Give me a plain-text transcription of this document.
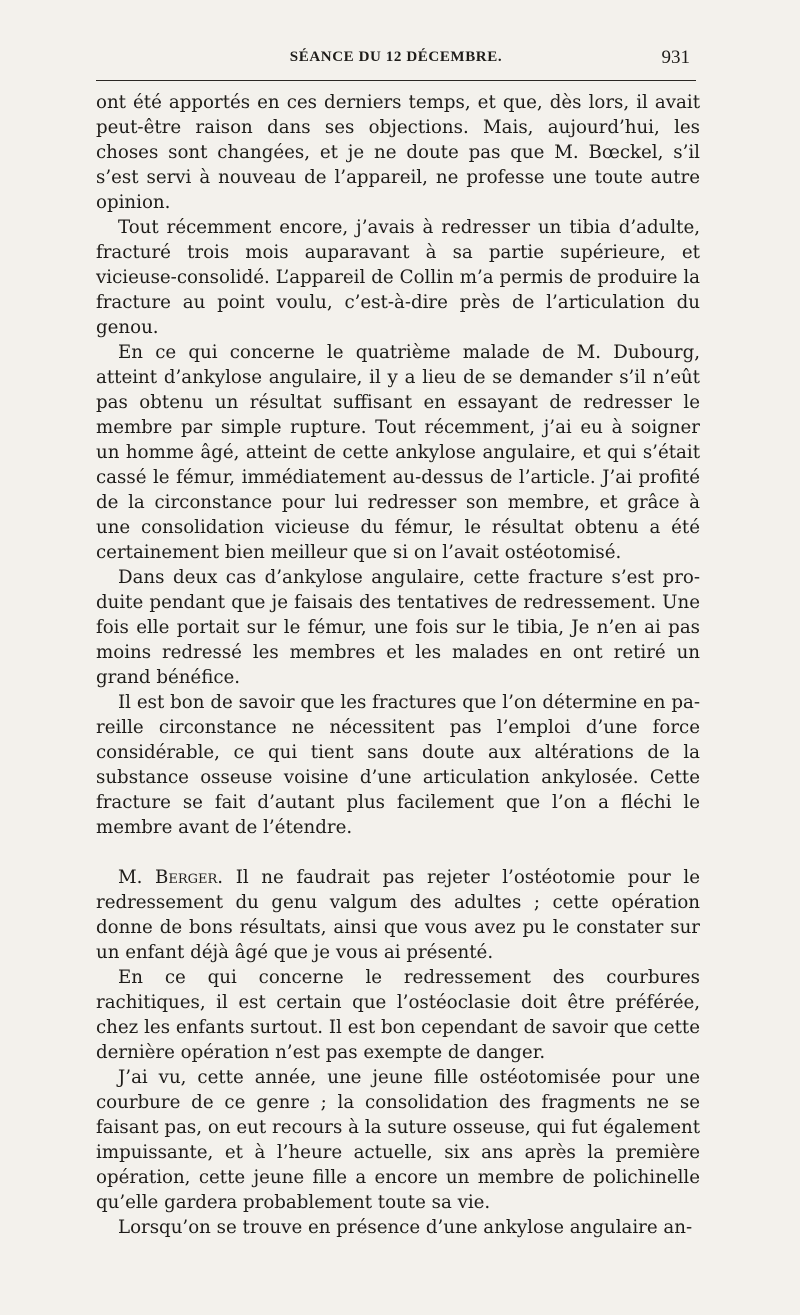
SÉANCE DU 12 DÉCEMBRE.	931

ont été apportés en ces derniers temps, et que, dès lors, il avait peut-être raison dans ses objections. Mais, aujourd’hui, les choses sont changées, et je ne doute pas que M. Bœckel, s’il s’est servi à nouveau de l’appareil, ne professe une toute autre opinion.

Tout récemment encore, j’avais à redresser un tibia d’adulte, fracturé trois mois auparavant à sa partie supérieure, et vicieuse-consolidé. L’appareil de Collin m’a permis de produire la fracture au point voulu, c’est-à-dire près de l’articulation du genou.

En ce qui concerne le quatrième malade de M. Dubourg, atteint d’ankylose angulaire, il y a lieu de se demander s’il n’eût pas obtenu un résultat suffisant en essayant de redresser le membre par simple rupture. Tout récemment, j’ai eu à soigner un homme âgé, atteint de cette ankylose angulaire, et qui s’était cassé le fémur, immédiatement au-dessus de l’article. J’ai profité de la circonstance pour lui redresser son membre, et grâce à une consolidation vicieuse du fémur, le résultat obtenu a été certainement bien meilleur que si on l’avait ostéotomisé.

Dans deux cas d’ankylose angulaire, cette fracture s’est produite pendant que je faisais des tentatives de redressement. Une fois elle portait sur le fémur, une fois sur le tibia, Je n’en ai pas moins redressé les membres et les malades en ont retiré un grand bénéfice.

Il est bon de savoir que les fractures que l’on détermine en pareille circonstance ne nécessitent pas l’emploi d’une force considérable, ce qui tient sans doute aux altérations de la substance osseuse voisine d’une articulation ankylosée. Cette fracture se fait d’autant plus facilement que l’on a fléchi le membre avant de l’étendre.

M. Berger. Il ne faudrait pas rejeter l’ostéotomie pour le redressement du genu valgum des adultes ; cette opération donne de bons résultats, ainsi que vous avez pu le constater sur un enfant déjà âgé que je vous ai présenté.

En ce qui concerne le redressement des courbures rachitiques, il est certain que l’ostéoclasie doit être préférée, chez les enfants surtout. Il est bon cependant de savoir que cette dernière opération n’est pas exempte de danger.

J’ai vu, cette année, une jeune fille ostéotomisée pour une courbure de ce genre ; la consolidation des fragments ne se faisant pas, on eut recours à la suture osseuse, qui fut également impuissante, et à l’heure actuelle, six ans après la première opération, cette jeune fille a encore un membre de polichinelle qu’elle gardera probablement toute sa vie.

Lorsqu’on se trouve en présence d’une ankylose angulaire an-
